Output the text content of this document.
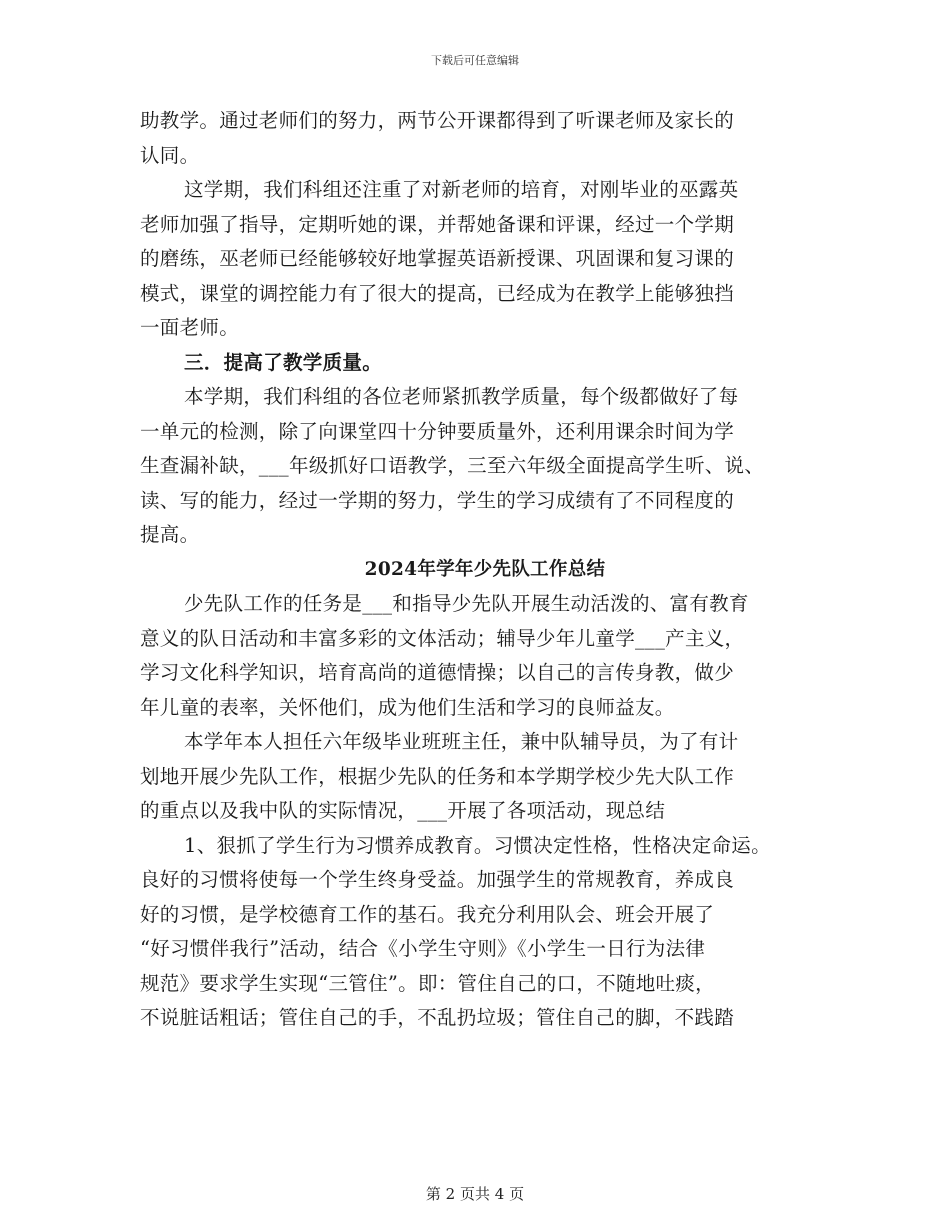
下载后可任意编辑
助教学。通过老师们的努力，两节公开课都得到了听课老师及家长的
认同。
这学期，我们科组还注重了对新老师的培育，对刚毕业的巫露英
老师加强了指导，定期听她的课，并帮她备课和评课，经过一个学期
的磨练，巫老师已经能够较好地掌握英语新授课、巩固课和复习课的
模式，课堂的调控能力有了很大的提高，已经成为在教学上能够独挡
一面老师。
三．提高了教学质量。
本学期，我们科组的各位老师紧抓教学质量，每个级都做好了每
一单元的检测，除了向课堂四十分钟要质量外，还利用课余时间为学
生查漏补缺，___年级抓好口语教学，三至六年级全面提高学生听、说、
读、写的能力，经过一学期的努力，学生的学习成绩有了不同程度的
提高。
2024年学年少先队工作总结
少先队工作的任务是___和指导少先队开展生动活泼的、富有教育
意义的队日活动和丰富多彩的文体活动；辅导少年儿童学___产主义，
学习文化科学知识，培育高尚的道德情操；以自己的言传身教，做少
年儿童的表率，关怀他们，成为他们生活和学习的良师益友。
本学年本人担任六年级毕业班班主任，兼中队辅导员，为了有计
划地开展少先队工作，根据少先队的任务和本学期学校少先大队工作
的重点以及我中队的实际情况，___开展了各项活动，现总结
1、狠抓了学生行为习惯养成教育。习惯决定性格，性格决定命运。
良好的习惯将使每一个学生终身受益。加强学生的常规教育，养成良
好的习惯，是学校德育工作的基石。我充分利用队会、班会开展了
“好习惯伴我行”活动，结合《小学生守则》《小学生一日行为法律
规范》要求学生实现“三管住”。即：管住自己的口，不随地吐痰，
不说脏话粗话；管住自己的手，不乱扔垃圾；管住自己的脚，不践踏
第 2 页共 4 页
